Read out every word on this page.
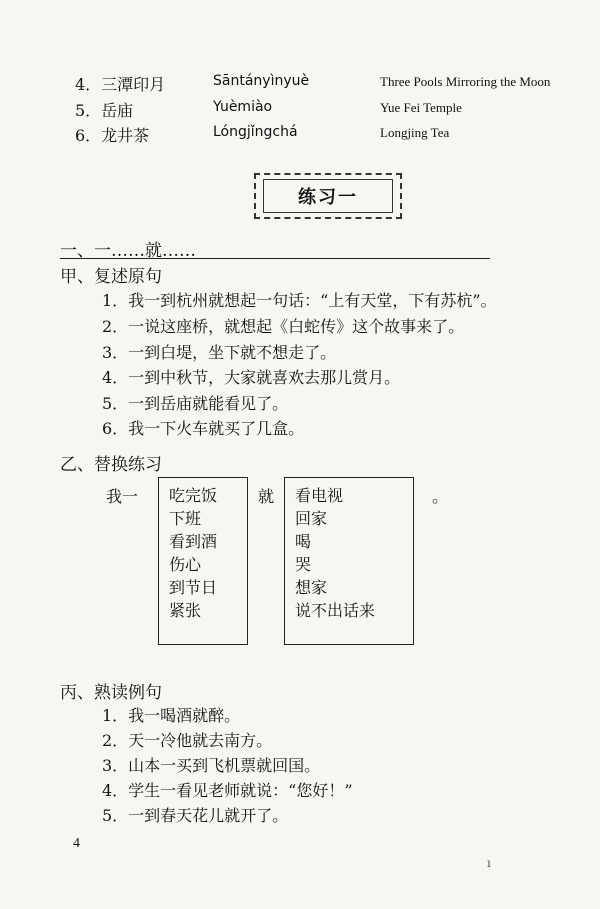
4．三潭印月	Sāntányìnyuè	Three Pools Mirroring the Moon
5．岳庙	Yuèmiào	Yue Fei Temple
6．龙井茶	Lóngjǐngchá	Longjing Tea
练习一
一、一……就……
甲、复述原句
1．我一到杭州就想起一句话：“上有天堂，下有苏杭”。
2．一说这座桥，就想起《白蛇传》这个故事来了。
3．一到白堤，坐下就不想走了。
4．一到中秋节，大家就喜欢去那儿赏月。
5．一到岳庙就能看见了。
6．我一下火车就买了几盒。
乙、替换练习
我一 吃完饭
下班
看到酒
伤心
到节日
紧张
就 看电视
回家
喝
哭
想家
说不出话来
。
丙、熟读例句
1．我一喝酒就醉。
2．天一冷他就去南方。
3．山本一买到飞机票就回国。
4．学生一看见老师就说：“您好！”
5．一到春天花儿就开了。
4
ı
